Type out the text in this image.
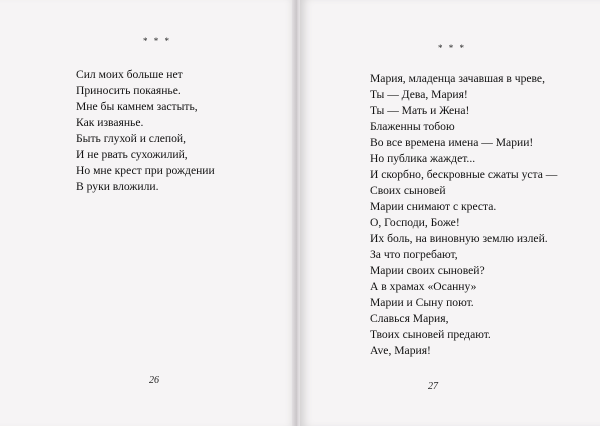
* * *
Сил моих больше нет
Приносить покаянье.
Мне бы камнем застыть,
Как изваянье.
Быть глухой и слепой,
И не рвать сухожилий,
Но мне крест при рождении
В руки вложили.
26
* * *
Мария, младенца зачавшая в чреве,
Ты — Дева, Мария!
Ты — Мать и Жена!
Блаженны тобою
Во все времена имена — Марии!
Но публика жаждет...
И скорбно, бескровные сжаты уста —
Своих сыновей
Марии снимают с креста.
О, Господи, Боже!
Их боль, на виновную землю излей.
За что погребают,
Марии своих сыновей?
А в храмах «Осанну»
Марии и Сыну поют.
Славься Мария,
Твоих сыновей предают.
Ave, Мария!
27
